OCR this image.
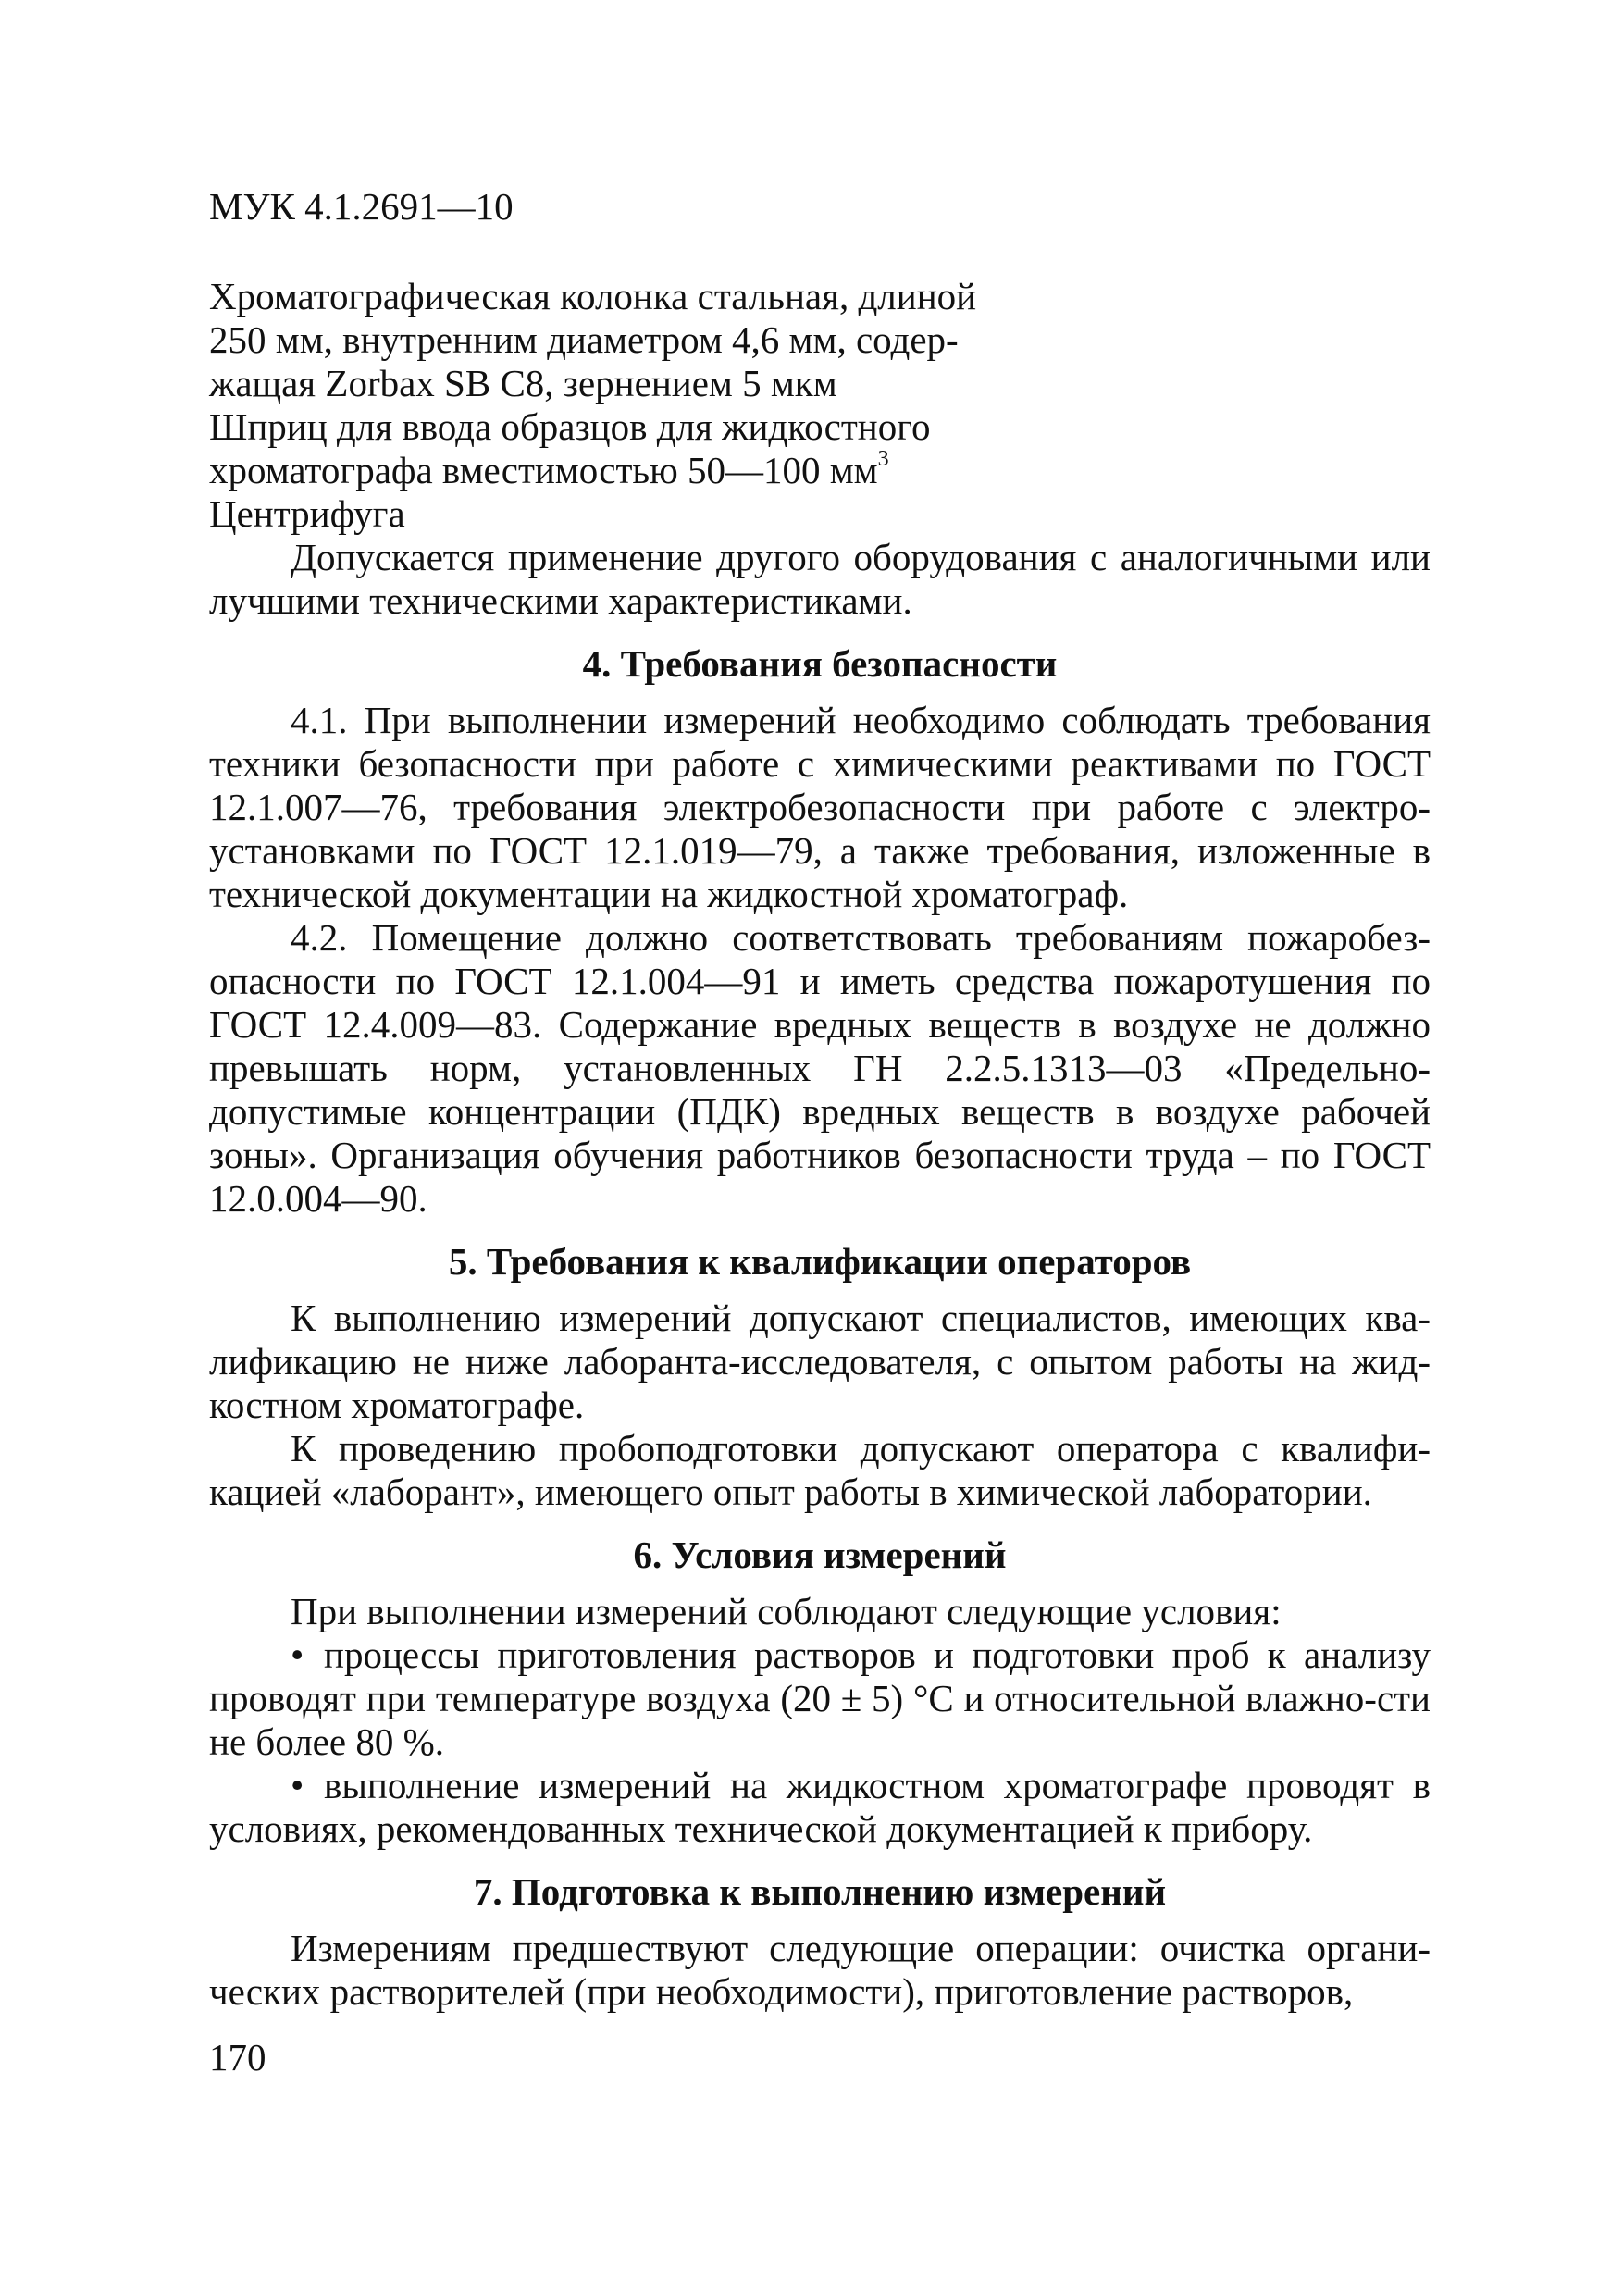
МУК 4.1.2691—10
Хроматографическая колонка стальная, длиной
250 мм, внутренним диаметром 4,6 мм, содер-
жащая Zorbax SB C8, зернением 5 мкм
Шприц для ввода образцов для жидкостного
хроматографа вместимостью 50—100 $мм^3$
Центрифуга

Допускается применение другого оборудования с аналогичными или лучшими техническими характеристиками.

4. Требования безопасности

4.1. При выполнении измерений необходимо соблюдать требования техники безопасности при работе с химическими реактивами по ГОСТ 12.1.007—76, требования электробезопасности при работе с электро-установками по ГОСТ 12.1.019—79, а также требования, изложенные в технической документации на жидкостной хроматограф.

4.2. Помещение должно соответствовать требованиям пожаробез-опасности по ГОСТ 12.1.004—91 и иметь средства пожаротушения по ГОСТ 12.4.009—83. Содержание вредных веществ в воздухе не должно превышать норм, установленных ГН 2.2.5.1313—03 «Предельно-допустимые концентрации (ПДК) вредных веществ в воздухе рабочей зоны». Организация обучения работников безопасности труда – по ГОСТ 12.0.004—90.

5. Требования к квалификации операторов

К выполнению измерений допускают специалистов, имеющих ква-лификацию не ниже лаборанта-исследователя, с опытом работы на жид-костном хроматографе.

К проведению пробоподготовки допускают оператора с квалифи-кацией «лаборант», имеющего опыт работы в химической лаборатории.

6. Условия измерений

При выполнении измерений соблюдают следующие условия:

• процессы приготовления растворов и подготовки проб к анализу проводят при температуре воздуха (20 ± 5) °С и относительной влажно-сти не более 80 %.

• выполнение измерений на жидкостном хроматографе проводят в условиях, рекомендованных технической документацией к прибору.

7. Подготовка к выполнению измерений

Измерениям предшествуют следующие операции: очистка органи-ческих растворителей (при необходимости), приготовление растворов,

170
